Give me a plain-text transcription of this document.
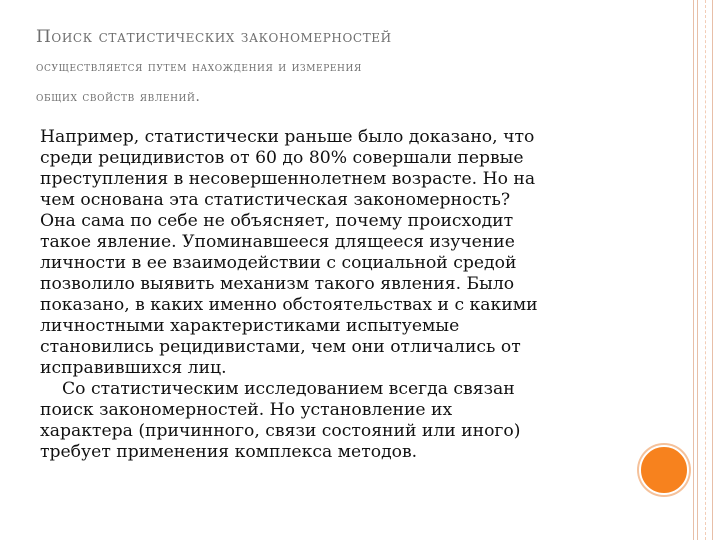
Поиск статистических закономерностей
осуществляется путем нахождения и измерения
общих свойств явлений.

Например, статистически раньше было доказано, что
среди рецидивистов от 60 до 80% совершали первые
преступления в несовершеннолетнем возрасте. Но на
чем основана эта статистическая закономерность?
Она сама по себе не объясняет, почему происходит
такое явление. Упоминавшееся длящееся изучение
личности в ее взаимодействии с социальной средой
позволило выявить механизм такого явления. Было
показано, в каких именно обстоятельствах и с какими
личностными характеристиками испытуемые
становились рецидивистами, чем они отличались от
исправившихся лиц.

Со статистическим исследованием всегда связан
поиск закономерностей. Но установление их
характера (причинного, связи состояний или иного)
требует применения комплекса методов.
